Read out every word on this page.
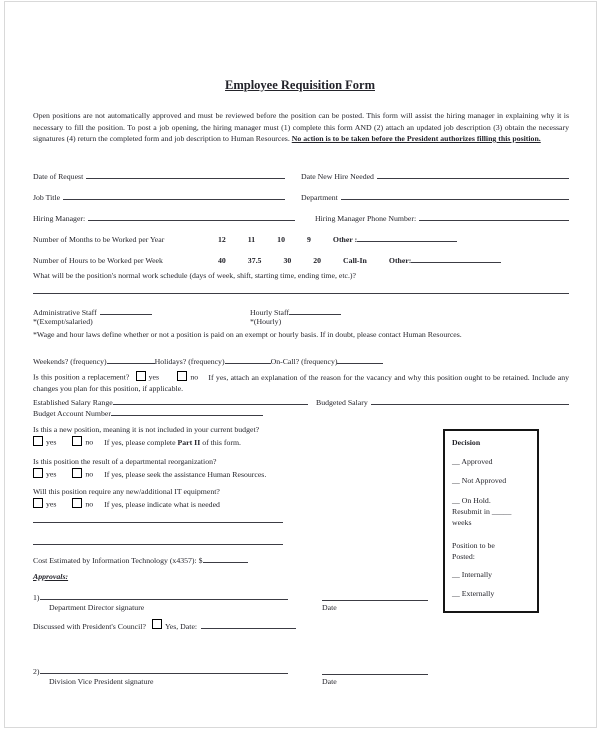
Employee Requisition Form
Open positions are not automatically approved and must be reviewed before the position can be posted. This form will assist the hiring manager in explaining why it is necessary to fill the position. To post a job opening, the hiring manager must (1) complete this form AND (2) attach an updated job description (3) obtain the necessary signatures (4) return the completed form and job description to Human Resources. No action is to be taken before the President authorizes filling this position.
Date of Request	Date New Hire Needed
Job Title	Department
Hiring Manager:	Hiring Manager Phone Number:
Number of Months to be Worked per Year	12	11	10	9	Other :
Number of Hours to be Worked per Week	40	37.5	30	20	Call-In	Other:
What will be the position's normal work schedule (days of week, shift, starting time, ending time, etc.)?
Administrative Staff	Hourly Staff
*(Exempt/salaried)	*(Hourly)
*Wage and hour laws define whether or not a position is paid on an exempt or hourly basis. If in doubt, please contact Human Resources.
Weekends? (frequency)	Holidays? (frequency)	On-Call? (frequency)
Is this position a replacement? yes	no If yes, attach an explanation of the reason for the vacancy and why this position ought to be retained. Include any changes you plan for this position, if applicable.
Established Salary Range	Budgeted Salary
Budget Account Number
Is this a new position, meaning it is not included in your current budget?
yes	no If yes, please complete Part II of this form.
Is this position the result of a departmental reorganization?
yes	no If yes, please seek the assistance Human Resources.
Will this position require any new/additional IT equipment?
yes	no If yes, please indicate what is needed
Cost Estimated by Information Technology (x4357): $
Approvals:
1)
Department Director signature	Date
Discussed with President's Council? Yes, Date:
2)
Division Vice President signature	Date
Decision
__ Approved
__ Not Approved
__ On Hold.
Resubmit in _____
weeks
Position to be
Posted:
__ Internally
__ Externally
